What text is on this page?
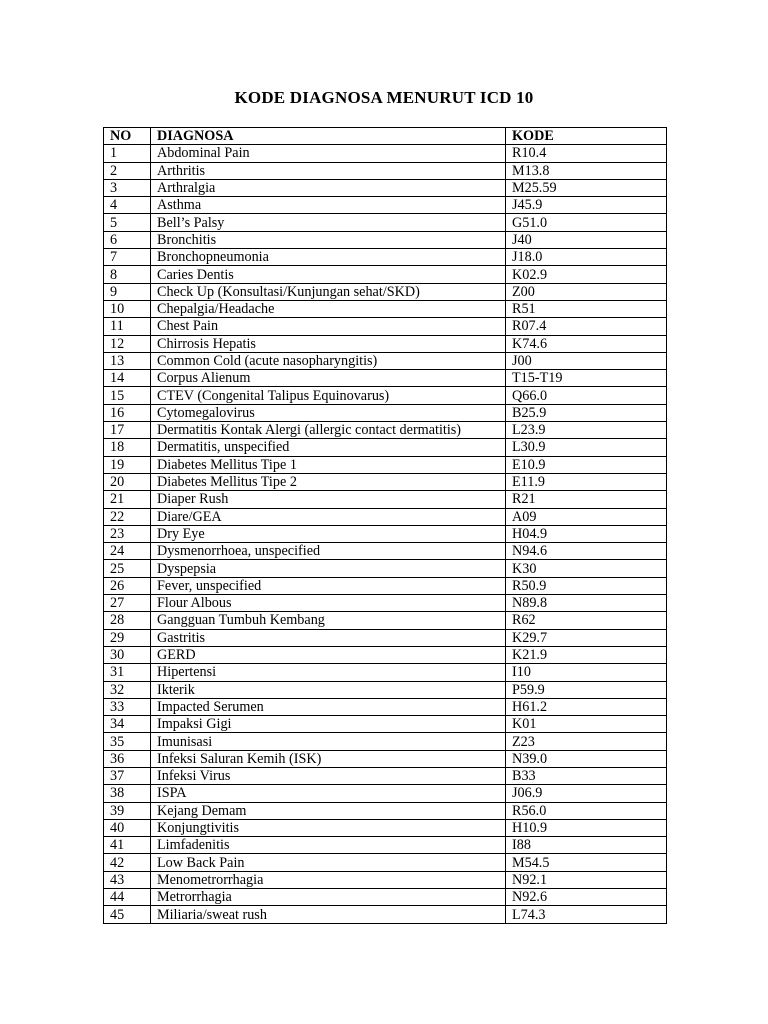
KODE DIAGNOSA MENURUT ICD 10
NO	DIAGNOSA	KODE
1	Abdominal Pain	R10.4
2	Arthritis	M13.8
3	Arthralgia	M25.59
4	Asthma	J45.9
5	Bell’s Palsy	G51.0
6	Bronchitis	J40
7	Bronchopneumonia	J18.0
8	Caries Dentis	K02.9
9	Check Up (Konsultasi/Kunjungan sehat/SKD)	Z00
10	Chepalgia/Headache	R51
11	Chest Pain	R07.4
12	Chirrosis Hepatis	K74.6
13	Common Cold (acute nasopharyngitis)	J00
14	Corpus Alienum	T15-T19
15	CTEV (Congenital Talipus Equinovarus)	Q66.0
16	Cytomegalovirus	B25.9
17	Dermatitis Kontak Alergi (allergic contact dermatitis)	L23.9
18	Dermatitis, unspecified	L30.9
19	Diabetes Mellitus Tipe 1	E10.9
20	Diabetes Mellitus Tipe 2	E11.9
21	Diaper Rush	R21
22	Diare/GEA	A09
23	Dry Eye	H04.9
24	Dysmenorrhoea, unspecified	N94.6
25	Dyspepsia	K30
26	Fever, unspecified	R50.9
27	Flour Albous	N89.8
28	Gangguan Tumbuh Kembang	R62
29	Gastritis	K29.7
30	GERD	K21.9
31	Hipertensi	I10
32	Ikterik	P59.9
33	Impacted Serumen	H61.2
34	Impaksi Gigi	K01
35	Imunisasi	Z23
36	Infeksi Saluran Kemih (ISK)	N39.0
37	Infeksi Virus	B33
38	ISPA	J06.9
39	Kejang Demam	R56.0
40	Konjungtivitis	H10.9
41	Limfadenitis	I88
42	Low Back Pain	M54.5
43	Menometrorrhagia	N92.1
44	Metrorrhagia	N92.6
45	Miliaria/sweat rush	L74.3
